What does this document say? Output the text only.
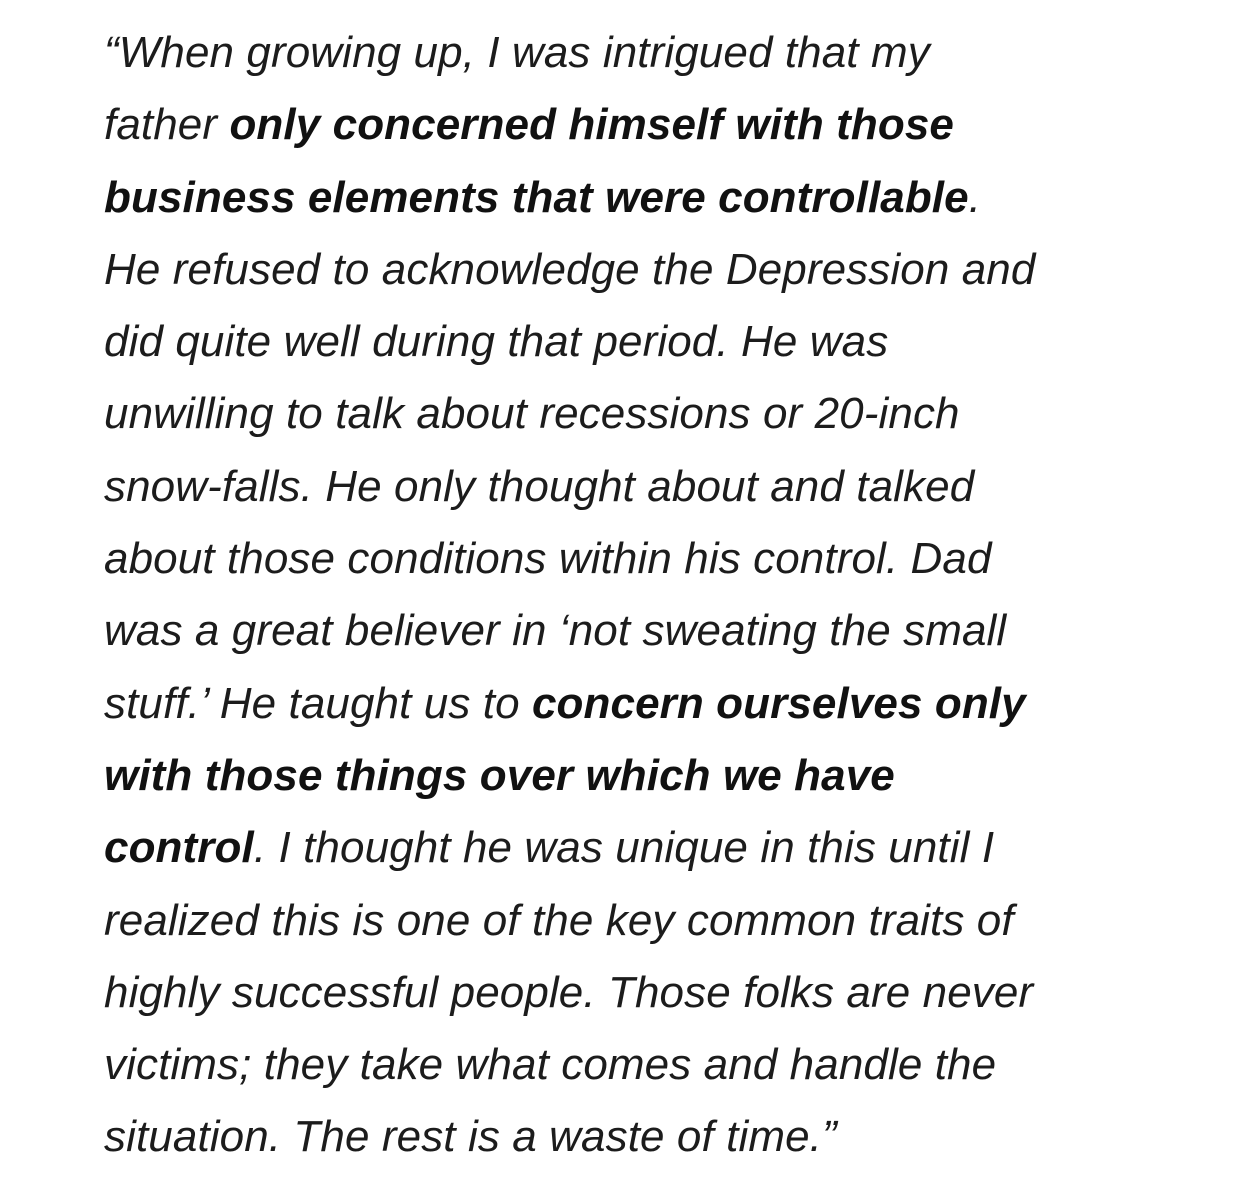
“When growing up, I was intrigued that my
father only concerned himself with those
business elements that were controllable.
He refused to acknowledge the Depression and
did quite well during that period. He was
unwilling to talk about recessions or 20-inch
snow-falls. He only thought about and talked
about those conditions within his control. Dad
was a great believer in ‘not sweating the small
stuff.’ He taught us to concern ourselves only
with those things over which we have
control. I thought he was unique in this until I
realized this is one of the key common traits of
highly successful people. Those folks are never
victims; they take what comes and handle the
situation. The rest is a waste of time.”
